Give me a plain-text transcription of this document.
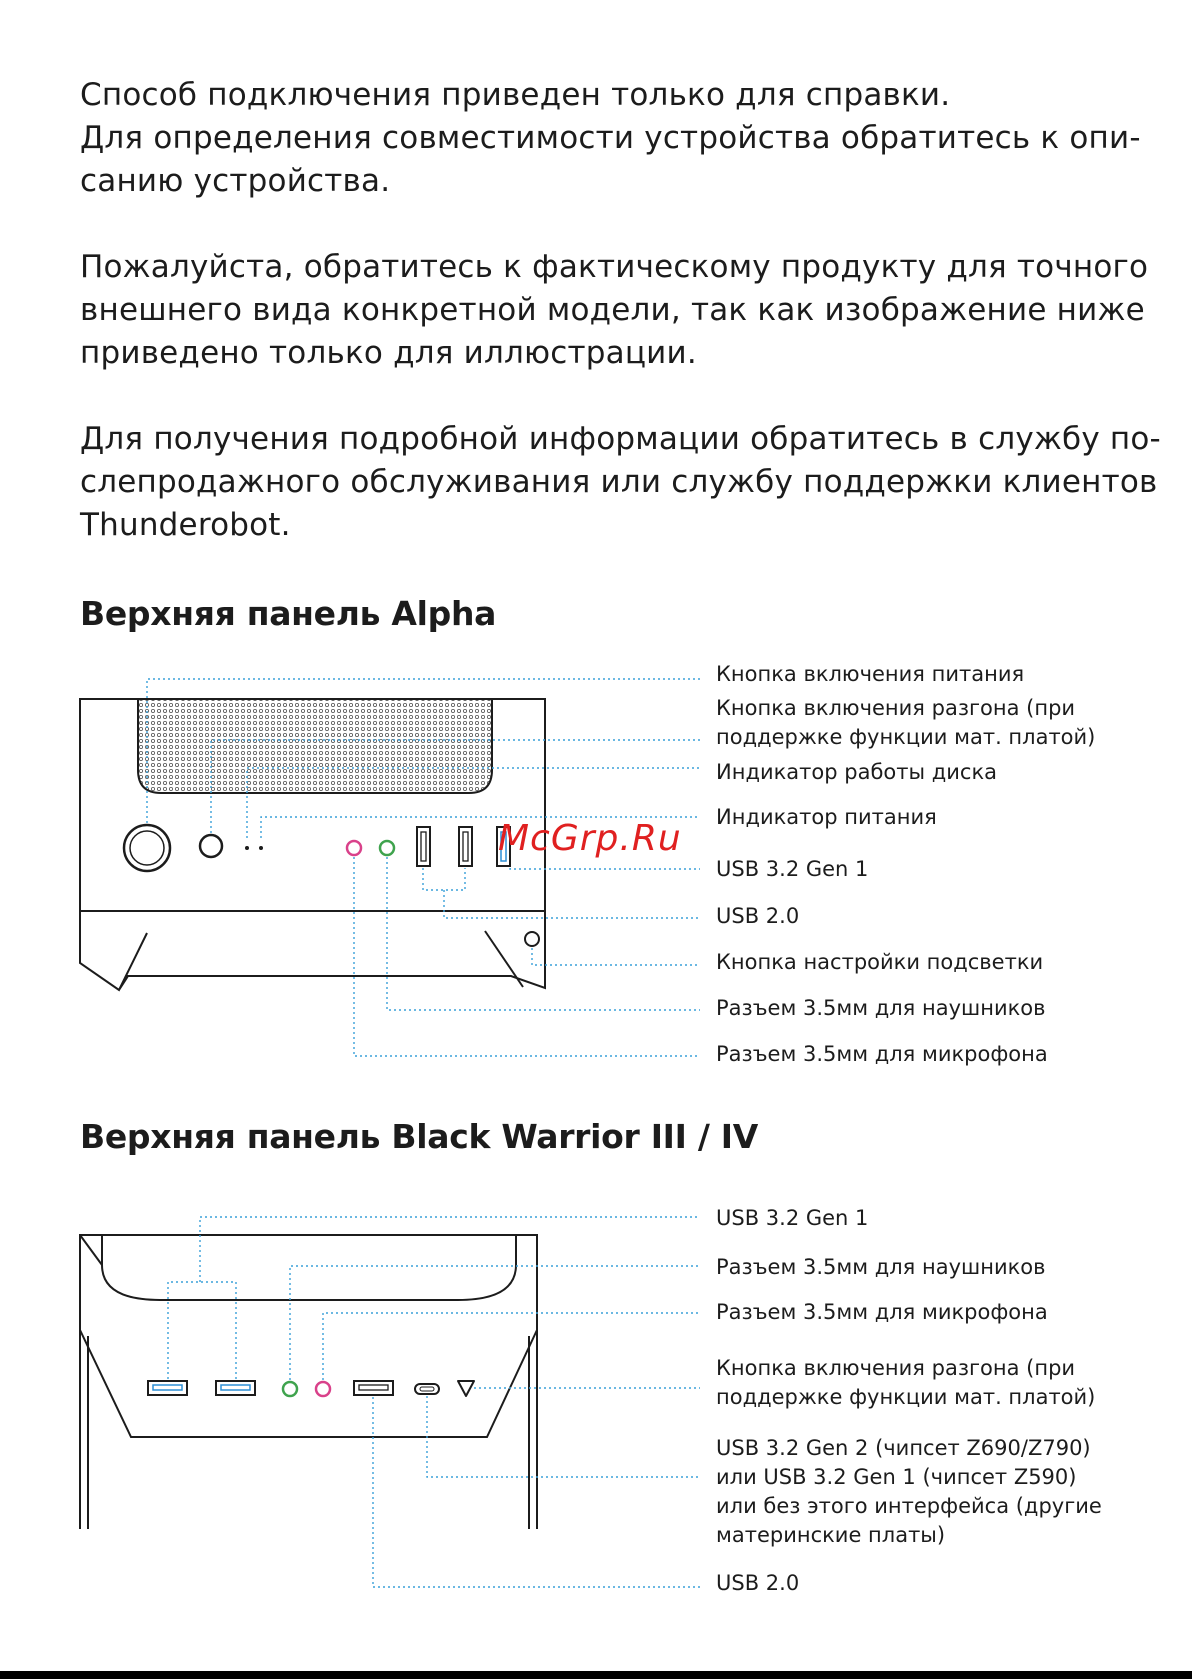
Способ подключения приведен только для справки.
Для определения совместимости устройства обратитесь к опи-
санию устройства.

Пожалуйста, обратитесь к фактическому продукту для точного
внешнего вида конкретной модели, так как изображение ниже
приведено только для иллюстрации.

Для получения подробной информации обратитесь в службу по-
слепродажного обслуживания или службу поддержки клиентов
Thunderobot.

Верхняя панель Alpha
Кнопка включения питания
Кнопка включения разгона (при
поддержке функции мат. платой)
Индикатор работы диска
Индикатор питания
USB 3.2 Gen 1
USB 2.0
Кнопка настройки подсветки
Разъем 3.5мм для наушников
Разъем 3.5мм для микрофона
Верхняя панель Black Warrior III / IV
USB 3.2 Gen 1
Разъем 3.5мм для наушников
Разъем 3.5мм для микрофона
Кнопка включения разгона (при
поддержке функции мат. платой)
USB 3.2 Gen 2 (чипсет Z690/Z790)
или USB 3.2 Gen 1 (чипсет Z590)
или без этого интерфейса (другие
материнские платы)
USB 2.0
McGrp.Ru
